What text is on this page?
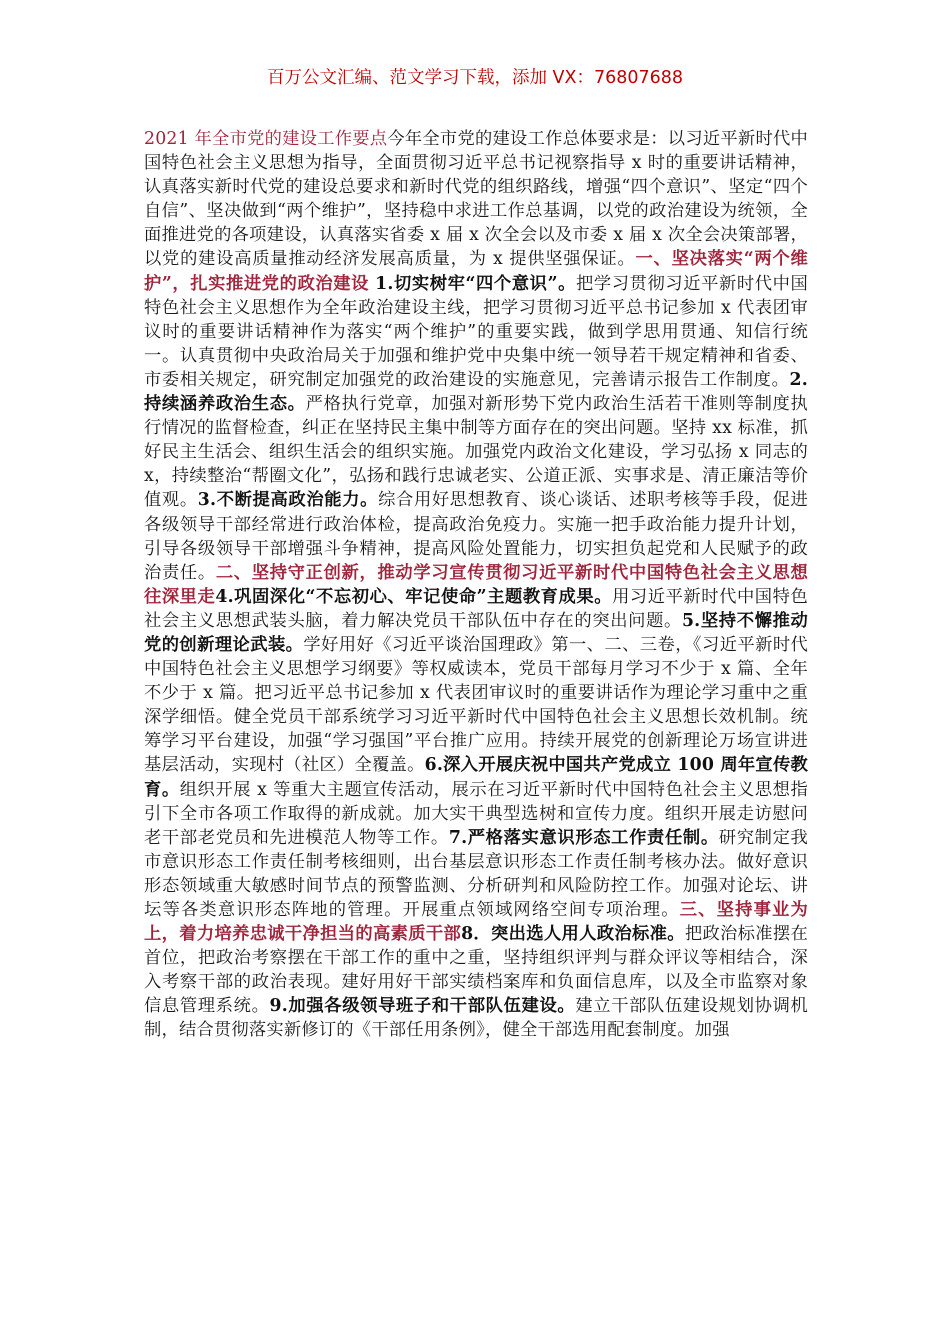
百万公文汇编、范文学习下载，添加 VX：76807688
2021 年全市党的建设工作要点今年全市党的建设工作总体要求是：以习近平新时代中国特色社会主义思想为指导，全面贯彻习近平总书记视察指导 x 时的重要讲话精神，认真落实新时代党的建设总要求和新时代党的组织路线，增强“四个意识”、坚定“四个自信”、坚决做到“两个维护”，坚持稳中求进工作总基调，以党的政治建设为统领，全面推进党的各项建设，认真落实省委 x 届 x 次全会以及市委 x 届 x 次全会决策部署，以党的建设高质量推动经济发展高质量，为 x 提供坚强保证。一、坚决落实“两个维护”，扎实推进党的政治建设 1.切实树牢“四个意识”。把学习贯彻习近平新时代中国特色社会主义思想作为全年政治建设主线，把学习贯彻习近平总书记参加 x 代表团审议时的重要讲话精神作为落实“两个维护”的重要实践，做到学思用贯通、知信行统一。认真贯彻中央政治局关于加强和维护党中央集中统一领导若干规定精神和省委、市委相关规定，研究制定加强党的政治建设的实施意见，完善请示报告工作制度。2.持续涵养政治生态。严格执行党章，加强对新形势下党内政治生活若干准则等制度执行情况的监督检查，纠正在坚持民主集中制等方面存在的突出问题。坚持 xx 标准，抓好民主生活会、组织生活会的组织实施。加强党内政治文化建设，学习弘扬 x 同志的 x，持续整治“帮圈文化”，弘扬和践行忠诚老实、公道正派、实事求是、清正廉洁等价值观。3.不断提高政治能力。综合用好思想教育、谈心谈话、述职考核等手段，促进各级领导干部经常进行政治体检，提高政治免疫力。实施一把手政治能力提升计划，引导各级领导干部增强斗争精神，提高风险处置能力，切实担负起党和人民赋予的政治责任。二、坚持守正创新，推动学习宣传贯彻习近平新时代中国特色社会主义思想往深里走4.巩固深化“不忘初心、牢记使命”主题教育成果。用习近平新时代中国特色社会主义思想武装头脑，着力解决党员干部队伍中存在的突出问题。5.坚持不懈推动党的创新理论武装。学好用好《习近平谈治国理政》第一、二、三卷，《习近平新时代中国特色社会主义思想学习纲要》等权威读本，党员干部每月学习不少于 x 篇、全年不少于 x 篇。把习近平总书记参加 x 代表团审议时的重要讲话作为理论学习重中之重深学细悟。健全党员干部系统学习习近平新时代中国特色社会主义思想长效机制。统筹学习平台建设，加强“学习强国”平台推广应用。持续开展党的创新理论万场宣讲进基层活动，实现村（社区）全覆盖。6.深入开展庆祝中国共产党成立 100 周年宣传教育。组织开展 x 等重大主题宣传活动，展示在习近平新时代中国特色社会主义思想指引下全市各项工作取得的新成就。加大实干典型选树和宣传力度。组织开展走访慰问老干部老党员和先进模范人物等工作。7.严格落实意识形态工作责任制。研究制定我市意识形态工作责任制考核细则，出台基层意识形态工作责任制考核办法。做好意识形态领域重大敏感时间节点的预警监测、分析研判和风险防控工作。加强对论坛、讲坛等各类意识形态阵地的管理。开展重点领域网络空间专项治理。三、坚持事业为上，着力培养忠诚干净担当的高素质干部8．突出选人用人政治标准。把政治标准摆在首位，把政治考察摆在干部工作的重中之重，坚持组织评判与群众评议等相结合，深入考察干部的政治表现。建好用好干部实绩档案库和负面信息库，以及全市监察对象信息管理系统。9.加强各级领导班子和干部队伍建设。建立干部队伍建设规划协调机制，结合贯彻落实新修订的《干部任用条例》，健全干部选用配套制度。加强
